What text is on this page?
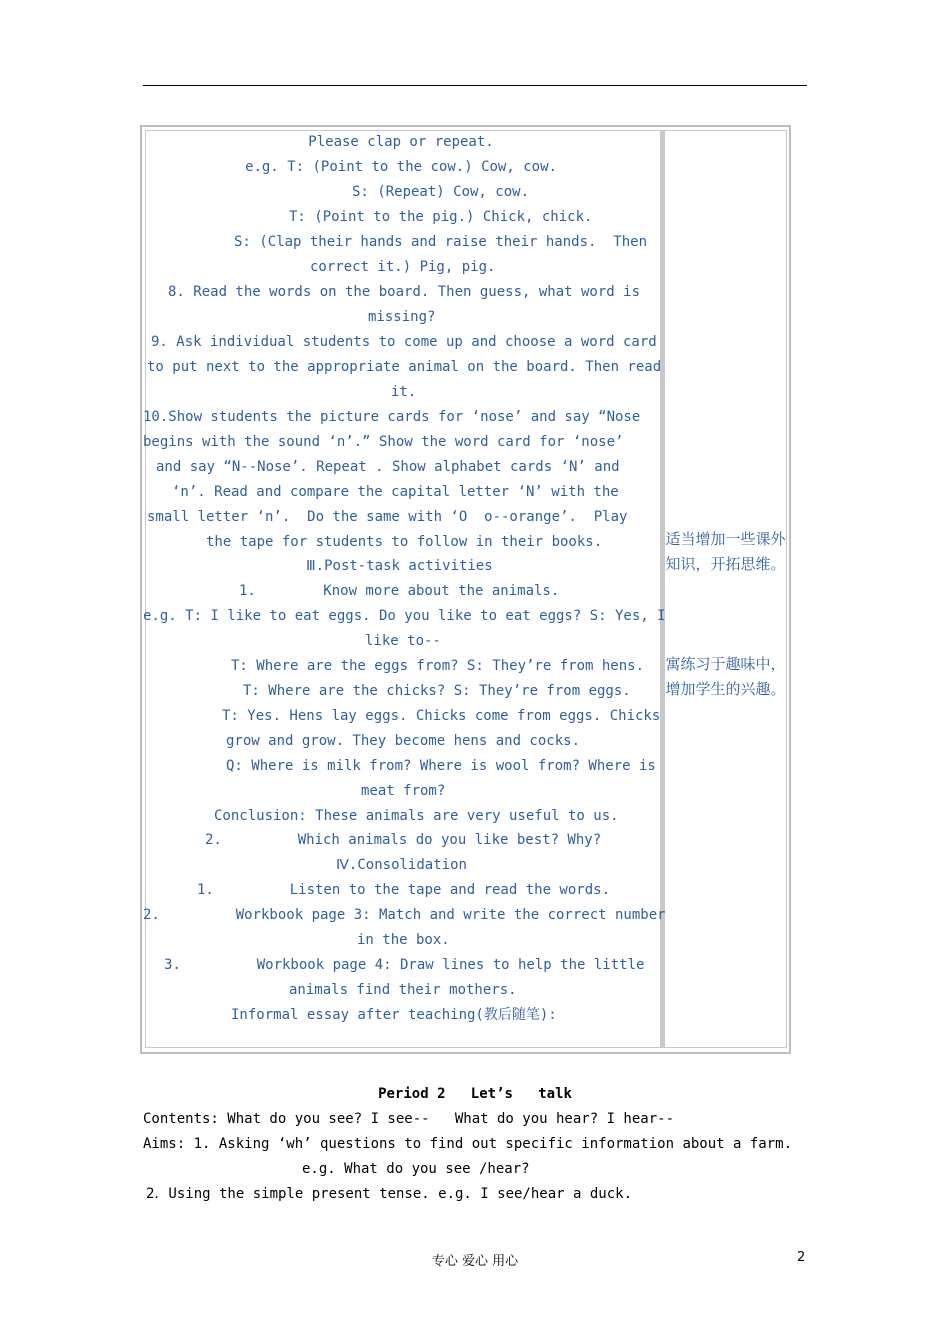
Please clap or repeat.
e.g. T: (Point to the cow.) Cow, cow.
S: (Repeat) Cow, cow.
T: (Point to the pig.) Chick, chick.
S: (Clap their hands and raise their hands.  Then
correct it.) Pig, pig.
8. Read the words on the board. Then guess, what word is
missing?
9. Ask individual students to come up and choose a word card
to put next to the appropriate animal on the board. Then read
it.
10.Show students the picture cards for ‘nose’ and say “Nose
begins with the sound ‘n’.” Show the word card for ‘nose’
and say “N--Nose’. Repeat . Show alphabet cards ‘N’ and
‘n’. Read and compare the capital letter ‘N’ with the
small letter ‘n’.  Do the same with ‘O  o--orange’.  Play
the tape for students to follow in their books.
Ⅲ.Post-task activities
1.        Know more about the animals.
e.g. T: I like to eat eggs. Do you like to eat eggs? S: Yes, I
like to--
T: Where are the eggs from? S: They’re from hens.
T: Where are the chicks? S: They’re from eggs.
T: Yes. Hens lay eggs. Chicks come from eggs. Chicks
grow and grow. They become hens and cocks.
Q: Where is milk from? Where is wool from? Where is
meat from?
Conclusion: These animals are very useful to us.
2.         Which animals do you like best? Why?
Ⅳ.Consolidation
1.         Listen to the tape and read the words.
2.         Workbook page 3: Match and write the correct number
in the box.
3.         Workbook page 4: Draw lines to help the little
animals find their mothers.
Informal essay after teaching(教后随笔):
适当增加一些课外知识，开拓思维。
寓练习于趣味中，增加学生的兴趣。
Period 2   Let’s   talk
Contents: What do you see? I see--   What do you hear? I hear--
Aims: 1. Asking ‘wh’ questions to find out specific information about a farm.
e.g. What do you see /hear?
2．Using the simple present tense. e.g. I see/hear a duck.
专心 爱心 用心	2
